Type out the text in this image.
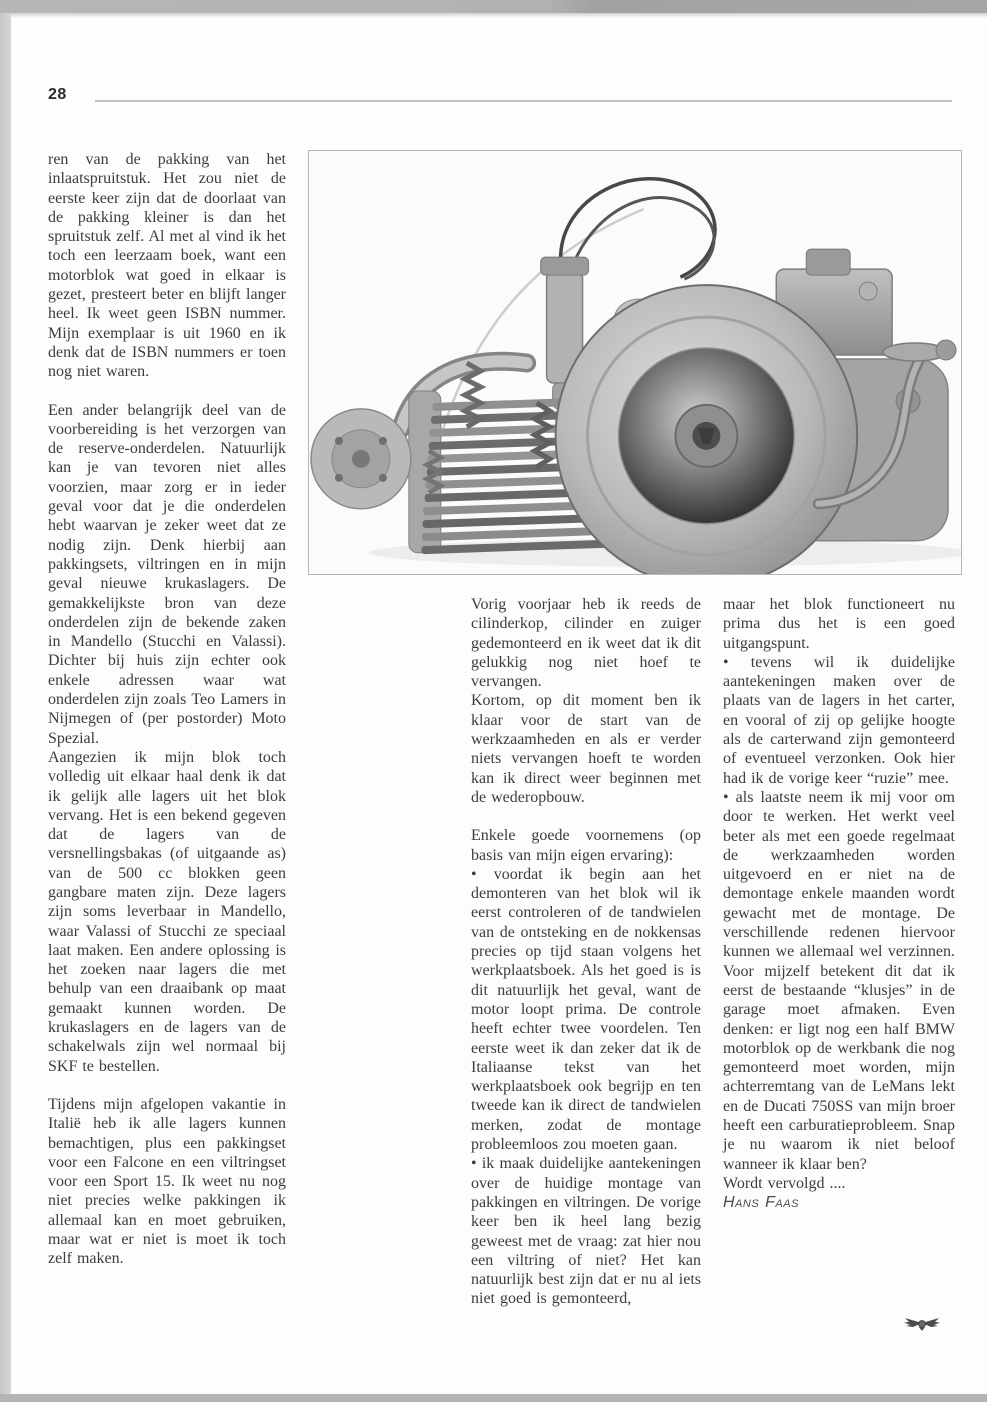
28

ren van de pakking van het inlaatspruitstuk. Het zou niet de eerste keer zijn dat de doorlaat van de pakking kleiner is dan het spruitstuk zelf. Al met al vind ik het toch een leerzaam boek, want een motorblok wat goed in elkaar is gezet, presteert beter en blijft langer heel. Ik weet geen ISBN nummer. Mijn exemplaar is uit 1960 en ik denk dat de ISBN nummers er toen nog niet waren.

Een ander belangrijk deel van de voorbereiding is het verzorgen van de reserve-onderdelen. Natuurlijk kan je van tevoren niet alles voorzien, maar zorg er in ieder geval voor dat je die onderdelen hebt waarvan je zeker weet dat ze nodig zijn. Denk hierbij aan pakkingsets, viltringen en in mijn geval nieuwe krukaslagers. De gemakkelijkste bron van deze onderdelen zijn de bekende zaken in Mandello (Stucchi en Valassi). Dichter bij huis zijn echter ook enkele adressen waar wat onderdelen zijn zoals Teo Lamers in Nijmegen of (per postorder) Moto Spezial.

Aangezien ik mijn blok toch volledig uit elkaar haal denk ik dat ik gelijk alle lagers uit het blok vervang. Het is een bekend gegeven dat de lagers van de versnellingsbakas (of uitgaande as) van de 500 cc blokken geen gangbare maten zijn. Deze lagers zijn soms leverbaar in Mandello, waar Valassi of Stucchi ze speciaal laat maken. Een andere oplossing is het zoeken naar lagers die met behulp van een draaibank op maat gemaakt kunnen worden. De krukaslagers en de lagers van de schakelwals zijn wel normaal bij SKF te bestellen.

Tijdens mijn afgelopen vakantie in Italië heb ik alle lagers kunnen bemachtigen, plus een pakkingset voor een Falcone en een viltringset voor een Sport 15. Ik weet nu nog niet precies welke pakkingen ik allemaal kan en moet gebruiken, maar wat er niet is moet ik toch zelf maken.

Vorig voorjaar heb ik reeds de cilinderkop, cilinder en zuiger gedemonteerd en ik weet dat ik dit gelukkig nog niet hoef te vervangen.

Kortom, op dit moment ben ik klaar voor de start van de werkzaamheden en als er verder niets vervangen hoeft te worden kan ik direct weer beginnen met de wederopbouw.

Enkele goede voornemens (op basis van mijn eigen ervaring):

• voordat ik begin aan het demonteren van het blok wil ik eerst controleren of de tandwielen van de ontsteking en de nokkensas precies op tijd staan volgens het werkplaatsboek. Als het goed is is dit natuurlijk het geval, want de motor loopt prima. De controle heeft echter twee voordelen. Ten eerste weet ik dan zeker dat ik de Italiaanse tekst van het werkplaatsboek ook begrijp en ten tweede kan ik direct de tandwielen merken, zodat de montage probleemloos zou moeten gaan.

• ik maak duidelijke aantekeningen over de huidige montage van pakkingen en viltringen. De vorige keer ben ik heel lang bezig geweest met de vraag: zat hier nou een viltring of niet? Het kan natuurlijk best zijn dat er nu al iets niet goed is gemonteerd,

maar het blok functioneert nu prima dus het is een goed uitgangspunt.

• tevens wil ik duidelijke aantekeningen maken over de plaats van de lagers in het carter, en vooral of zij op gelijke hoogte als de carterwand zijn gemonteerd of eventueel verzonken. Ook hier had ik de vorige keer “ruzie” mee.

• als laatste neem ik mij voor om door te werken. Het werkt veel beter als met een goede regelmaat de werkzaamheden worden uitgevoerd en er niet na de demontage enkele maanden wordt gewacht met de montage. De verschillende redenen hiervoor kunnen we allemaal wel verzinnen. Voor mijzelf betekent dit dat ik eerst de bestaande “klusjes” in de garage moet afmaken. Even denken: er ligt nog een half BMW motorblok op de werkbank die nog gemonteerd moet worden, mijn achterremtang van de LeMans lekt en de Ducati 750SS van mijn broer heeft een carburatieprobleem. Snap je nu waarom ik niet beloof wanneer ik klaar ben?

Wordt vervolgd ....

Hans Faas
